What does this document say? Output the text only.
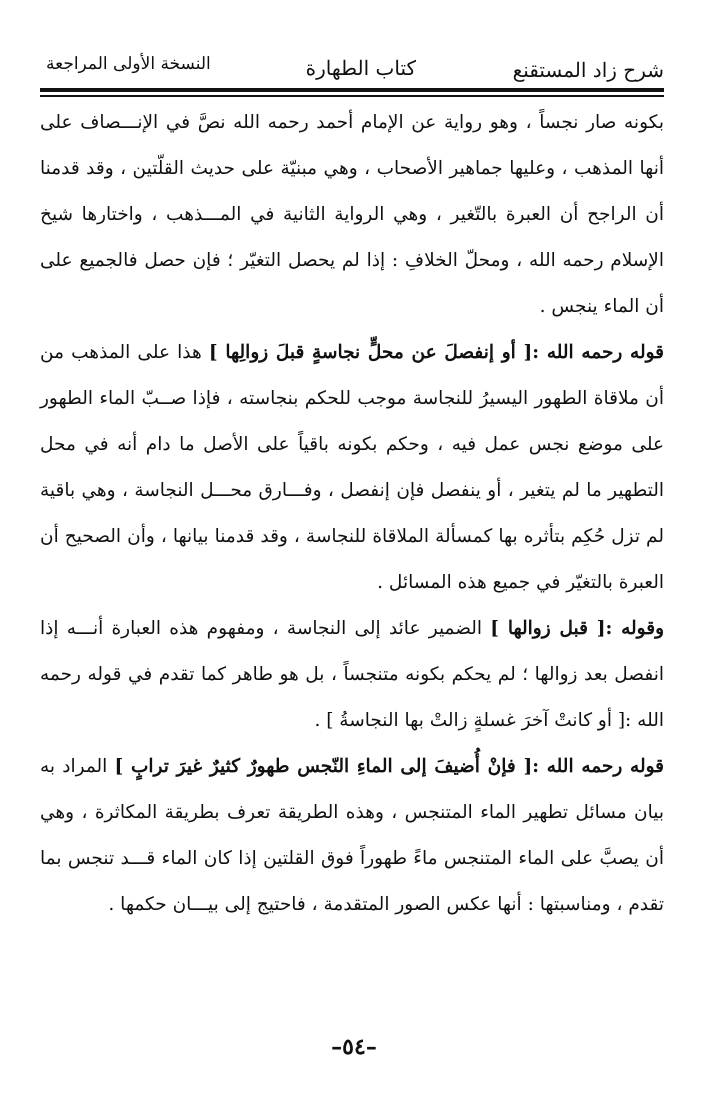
شرح زاد المستقنع
كتاب الطهارة
النسخة الأولى المراجعة

بكونه صار نجساً ، وهو رواية عن الإمام أحمد رحمه الله نصَّ في الإنـــصاف على أنها المذهب ، وعليها جماهير الأصحاب ، وهي مبنيّة على حديث القلّتين ، وقد قدمنا أن الراجح أن العبرة بالتّغير ، وهي الرواية الثانية في المـــذهب ، واختارها شيخ الإسلام رحمه الله ، ومحلّ الخلافِ : إذا لم يحصل التغيّر ؛ فإن حصل فالجميع على أن الماء ينجس .

قوله رحمه الله :[ أو إنفصلَ عن محلٍّ نجاسةٍ قبلَ زوالِها ] هذا على المذهب من أن ملاقاة الطهور اليسيرُ للنجاسة موجب للحكم بنجاسته ، فإذا صــبّ الماء الطهور على موضع نجس عمل فيه ، وحكم بكونه باقياً على الأصل ما دام أنه في محل التطهير ما لم يتغير ، أو ينفصل فإن إنفصل ، وفـــارق محـــل النجاسة ، وهي باقية لم تزل حُكِم بتأثره بها كمسألة الملاقاة للنجاسة ، وقد قدمنا بيانها ، وأن الصحيح أن العبرة بالتغيّر في جميع هذه المسائل .

وقوله :[ قبل زوالها ] الضمير عائد إلى النجاسة ، ومفهوم هذه العبارة أنـــه إذا انفصل بعد زوالها ؛ لم يحكم بكونه متنجساً ، بل هو طاهر كما تقدم في قوله رحمه الله :[ أو كانتْ آخرَ غسلةٍ زالتْ بها النجاسةُ ] .

قوله رحمه الله :[ فإنْ أُضيفَ إلى الماءِ النّجس طهورٌ كثيرٌ غيرَ ترابٍ ] المراد به بيان مسائل تطهير الماء المتنجس ، وهذه الطريقة تعرف بطريقة المكاثرة ، وهي أن يصبَّ على الماء المتنجس ماءً طهوراً فوق القلتين إذا كان الماء قـــد تنجس بما تقدم ، ومناسبتها : أنها عكس الصور المتقدمة ، فاحتيج إلى بيـــان حكمها .

–٥٤–
